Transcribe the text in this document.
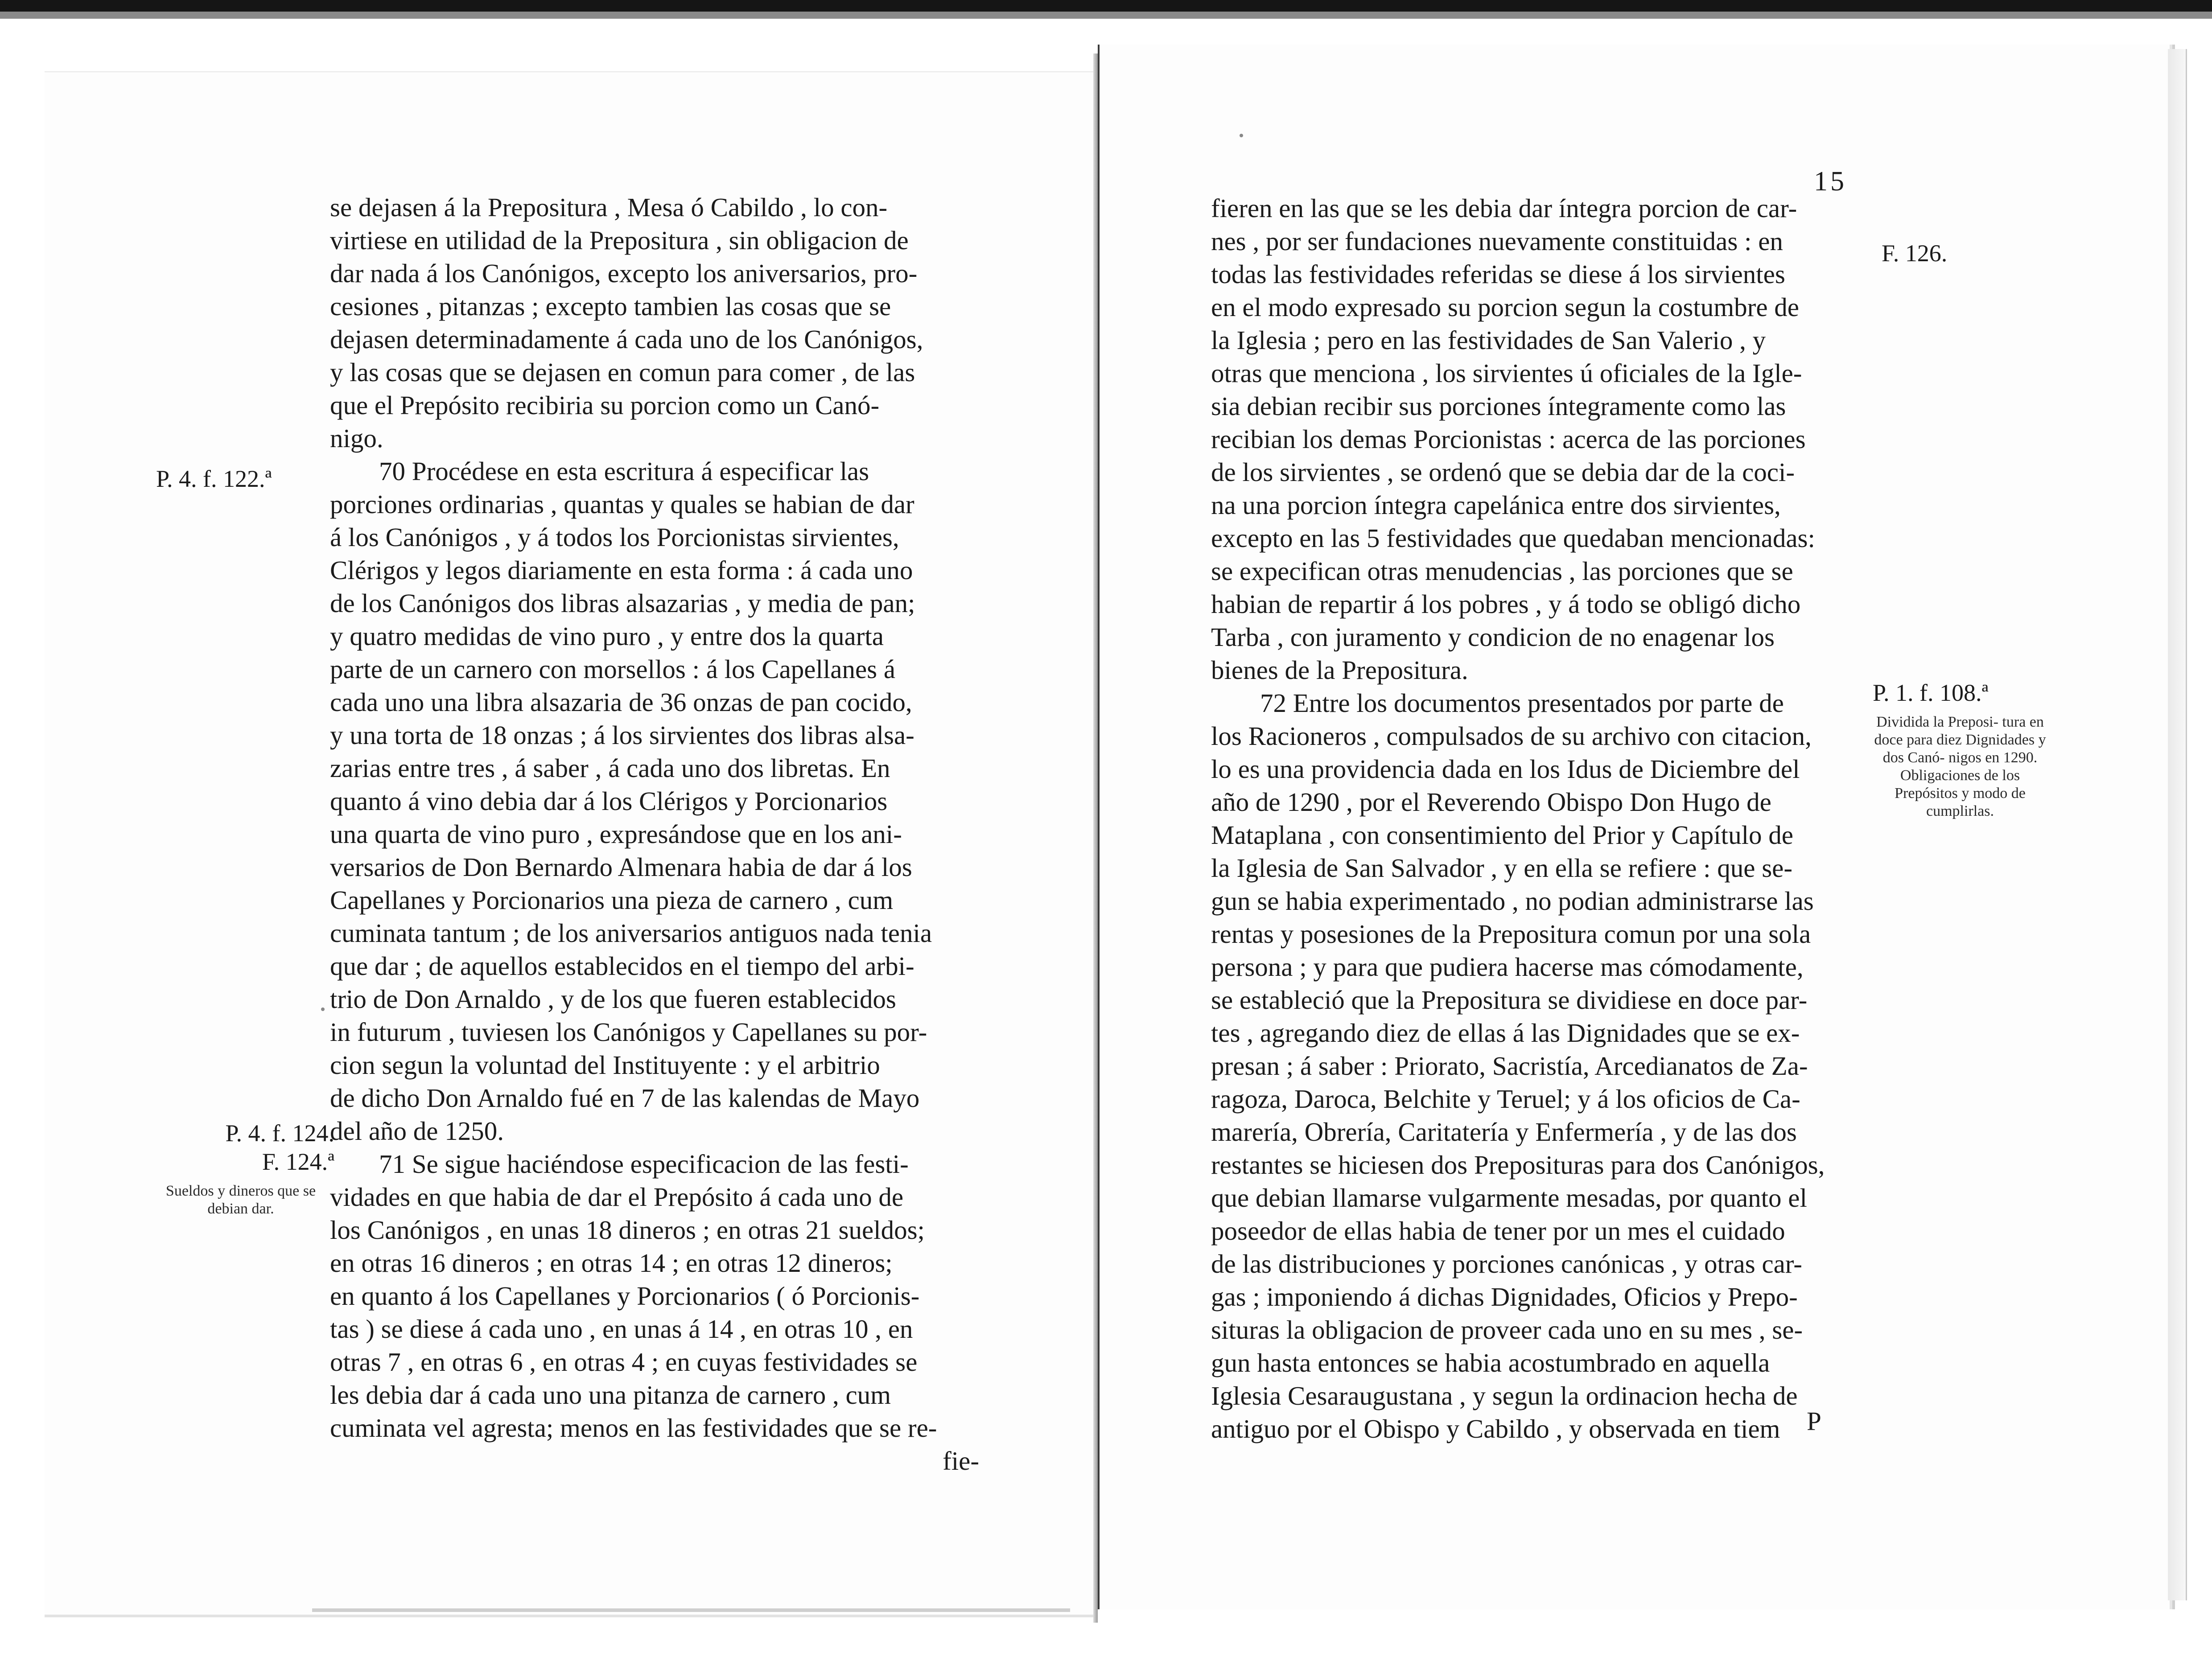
se dejasen á la Prepositura , Mesa ó Cabildo , lo con-

virtiese en utilidad de la Prepositura , sin obligacion de

dar nada á los Canónigos, excepto los aniversarios, pro-

cesiones , pitanzas ; excepto tambien las cosas que se

dejasen determinadamente á cada uno de los Canónigos,

y las cosas que se dejasen en comun para comer , de las

que el Prepósito recibiria su porcion como un Canó-

nigo.

70 Procédese en esta escritura á especificar las

porciones ordinarias , quantas y quales se habian de dar

á los Canónigos , y á todos los Porcionistas sirvientes,

Clérigos y legos diariamente en esta forma : á cada uno

de los Canónigos dos libras alsazarias , y media de pan;

y quatro medidas de vino puro , y entre dos la quarta

parte de un carnero con morsellos : á los Capellanes á

cada uno una libra alsazaria de 36 onzas de pan cocido,

y una torta de 18 onzas ; á los sirvientes dos libras alsa-

zarias entre tres , á saber , á cada uno dos libretas. En

quanto á vino debia dar á los Clérigos y Porcionarios

una quarta de vino puro , expresándose que en los ani-

versarios de Don Bernardo Almenara habia de dar á los

Capellanes y Porcionarios una pieza de carnero , cum

cuminata tantum ; de los aniversarios antiguos nada tenia

que dar ; de aquellos establecidos en el tiempo del arbi-

trio de Don Arnaldo , y de los que fueren establecidos

in futurum , tuviesen los Canónigos y Capellanes su por-

cion segun la voluntad del Instituyente : y el arbitrio

de dicho Don Arnaldo fué en 7 de las kalendas de Mayo

del año de 1250.

71 Se sigue haciéndose especificacion de las festi-

vidades en que habia de dar el Prepósito á cada uno de

los Canónigos , en unas 18 dineros ; en otras 21 sueldos;

en otras 16 dineros ; en otras 14 ; en otras 12 dineros;

en quanto á los Capellanes y Porcionarios ( ó Porcionis-

tas ) se diese á cada uno , en unas á 14 , en otras 10 , en

otras 7 , en otras 6 , en otras 4 ; en cuyas festividades se

les debia dar á cada uno una pitanza de carnero , cum

cuminata vel agresta; menos en las festividades que se re-

fie-

P. 4. f. 122.ª
P. 4. f. 124.
F. 124.ª
Sueldos y dineros que se debian dar.
15

fieren en las que se les debia dar íntegra porcion de car-

nes , por ser fundaciones nuevamente constituidas : en

todas las festividades referidas se diese á los sirvientes

en el modo expresado su porcion segun la costumbre de

la Iglesia ; pero en las festividades de San Valerio , y

otras que menciona , los sirvientes ú oficiales de la Igle-

sia debian recibir sus porciones íntegramente como las

recibian los demas Porcionistas : acerca de las porciones

de los sirvientes , se ordenó que se debia dar de la coci-

na una porcion íntegra capelánica entre dos sirvientes,

excepto en las 5 festividades que quedaban mencionadas:

se expecifican otras menudencias , las porciones que se

habian de repartir á los pobres , y á todo se obligó dicho

Tarba , con juramento y condicion de no enagenar los

bienes de la Prepositura.

72 Entre los documentos presentados por parte de

los Racioneros , compulsados de su archivo con citacion,

lo es una providencia dada en los Idus de Diciembre del

año de 1290 , por el Reverendo Obispo Don Hugo de

Mataplana , con consentimiento del Prior y Capítulo de

la Iglesia de San Salvador , y en ella se refiere : que se-

gun se habia experimentado , no podian administrarse las

rentas y posesiones de la Prepositura comun por una sola

persona ; y para que pudiera hacerse mas cómodamente,

se estableció que la Prepositura se dividiese en doce par-

tes , agregando diez de ellas á las Dignidades que se ex-

presan ; á saber : Priorato, Sacristía, Arcedianatos de Za-

ragoza, Daroca, Belchite y Teruel; y á los oficios de Ca-

marería, Obrería, Caritatería y Enfermería , y de las dos

restantes se hiciesen dos Preposituras para dos Canónigos,

que debian llamarse vulgarmente mesadas, por quanto el

poseedor de ellas habia de tener por un mes el cuidado

de las distribuciones y porciones canónicas , y otras car-

gas ; imponiendo á dichas Dignidades, Oficios y Prepo-

situras la obligacion de proveer cada uno en su mes , se-

gun hasta entonces se habia acostumbrado en aquella

Iglesia Cesaraugustana , y segun la ordinacion hecha de

antiguo por el Obispo y Cabildo , y observada en tiem	P
F. 126.
P. 1. f. 108.ª
Dividida la Preposi- tura en doce para diez Dignidades y dos Canó- nigos en 1290.
Obligaciones de los Prepósitos y modo de cumplirlas.
